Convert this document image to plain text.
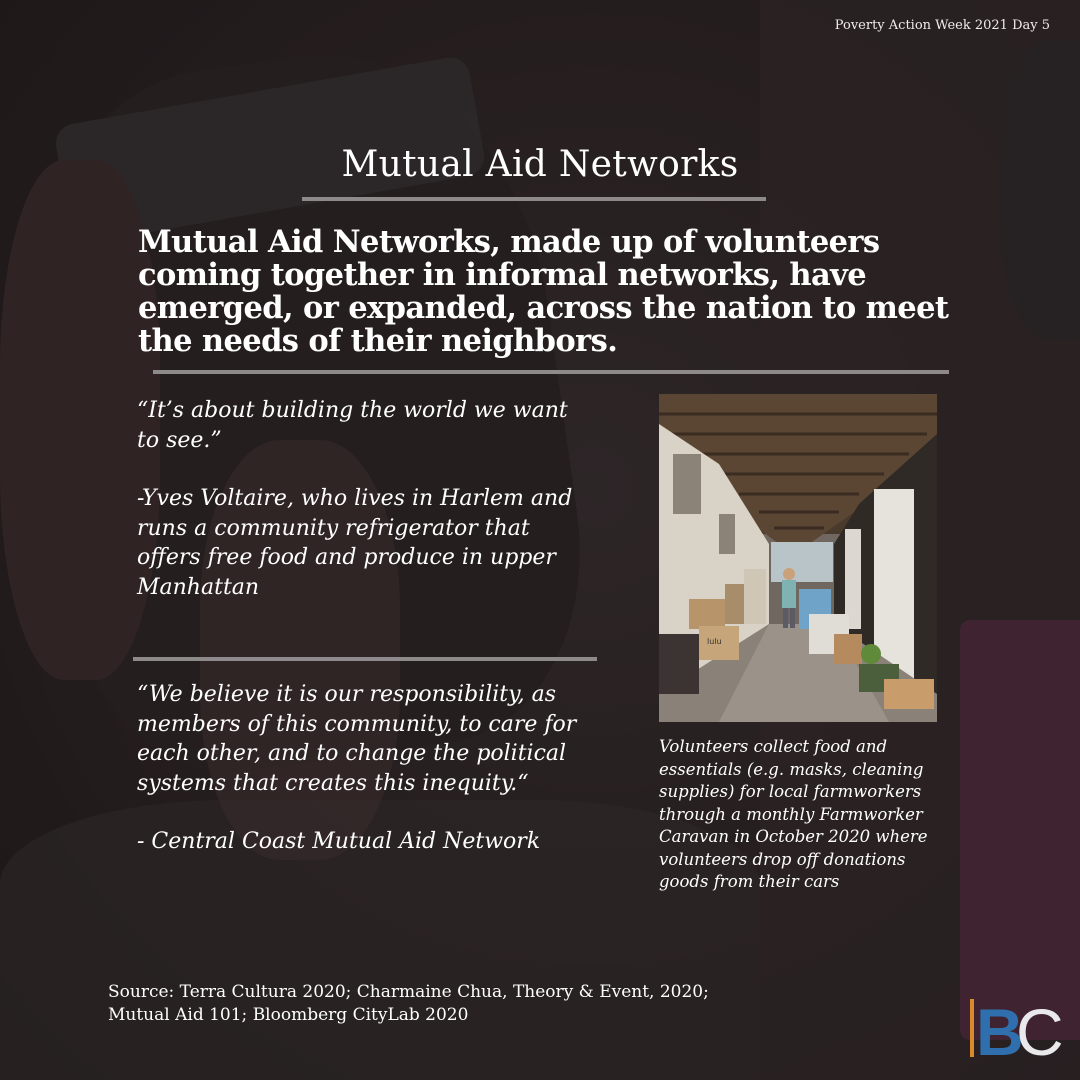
Poverty Action Week 2021 Day 5
Mutual Aid Networks
Mutual Aid Networks, made up of volunteers coming together in informal networks, have emerged, or expanded, across the nation to meet the needs of their neighbors.
“It’s about building the world we want to see.”
-Yves Voltaire, who lives in Harlem and runs a community refrigerator that offers free food and produce in upper Manhattan
“We believe it is our responsibility, as members of this community, to care for each other, and to change the political systems that creates this inequity.“
- Central Coast Mutual Aid Network
lulu
Volunteers collect food and essentials (e.g. masks, cleaning supplies) for local farmworkers through a monthly Farmworker Caravan in October 2020 where volunteers drop off donations goods from their cars
Source: Terra Cultura 2020; Charmaine Chua, Theory & Event, 2020;
Mutual Aid 101; Bloomberg CityLab 2020	B
C
